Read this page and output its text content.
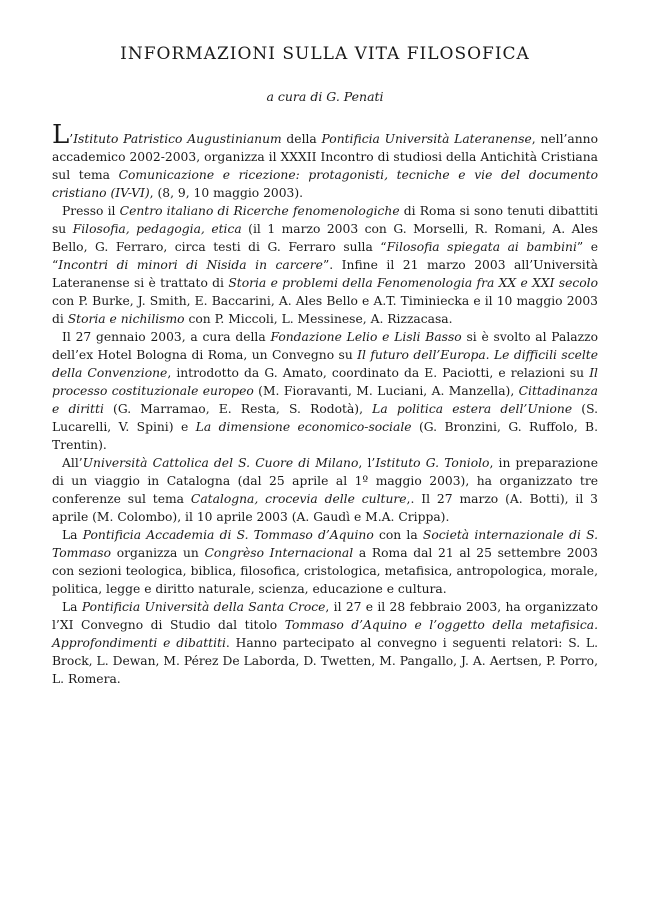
INFORMAZIONI SULLA VITA FILOSOFICA
a cura di G. Penati

L’Istituto Patristico Augustinianum della Pontificia Università Lateranense, nell’anno accademico 2002-2003, organizza il XXXII Incontro di studiosi della Antichità Cristiana sul tema Comunicazione e ricezione: protagonisti, tecniche e vie del documento cristiano (IV-VI), (8, 9, 10 maggio 2003).

Presso il Centro italiano di Ricerche fenomenologiche di Roma si sono tenuti dibattiti su Filosofia, pedagogia, etica (il 1 marzo 2003 con G. Morselli, R. Romani, A. Ales Bello, G. Ferraro, circa testi di G. Ferraro sulla “Filosofia spiegata ai bambini” e “Incontri di minori di Nisida in carcere”. Infine il 21 marzo 2003 all’Università Lateranense si è trattato di Storia e problemi della Fenomenologia fra XX e XXI secolo con P. Burke, J. Smith, E. Baccarini, A. Ales Bello e A.T. Timiniecka e il 10 maggio 2003 di Storia e nichilismo con P. Miccoli, L. Messinese, A. Rizzacasa.

Il 27 gennaio 2003, a cura della Fondazione Lelio e Lisli Basso si è svolto al Palazzo dell’ex Hotel Bologna di Roma, un Convegno su Il futuro dell’Europa. Le difficili scelte della Convenzione, introdotto da G. Amato, coordinato da E. Paciotti, e relazioni su Il processo costituzionale europeo (M. Fioravanti, M. Luciani, A. Manzella), Cittadinanza e diritti (G. Marramao, E. Resta, S. Rodotà), La politica estera dell’Unione (S. Lucarelli, V. Spini) e La dimensione economico-sociale (G. Bronzini, G. Ruffolo, B. Trentin).

All’Università Cattolica del S. Cuore di Milano, l’Istituto G. Toniolo, in preparazione di un viaggio in Catalogna (dal 25 aprile al 1º maggio 2003), ha organizzato tre conferenze sul tema Catalogna, crocevia delle culture,. Il 27 marzo (A. Botti), il 3 aprile (M. Colombo), il 10 aprile 2003 (A. Gaudì e M.A. Crippa).

La Pontificia Accademia di S. Tommaso d’Aquino con la Società internazionale di S. Tommaso organizza un Congrèso Internacional a Roma dal 21 al 25 settembre 2003 con sezioni teologica, biblica, filosofica, cristologica, metafisica, antropologica, morale, politica, legge e diritto naturale, scienza, educazione e cultura.

La Pontificia Università della Santa Croce, il 27 e il 28 febbraio 2003, ha organizzato l’XI Convegno di Studio dal titolo Tommaso d’Aquino e l’oggetto della metafisica. Approfondimenti e dibattiti. Hanno partecipato al convegno i seguenti relatori: S. L. Brock, L. Dewan, M. Pérez De Laborda, D. Twetten, M. Pangallo, J. A. Aertsen, P. Porro, L. Romera.
